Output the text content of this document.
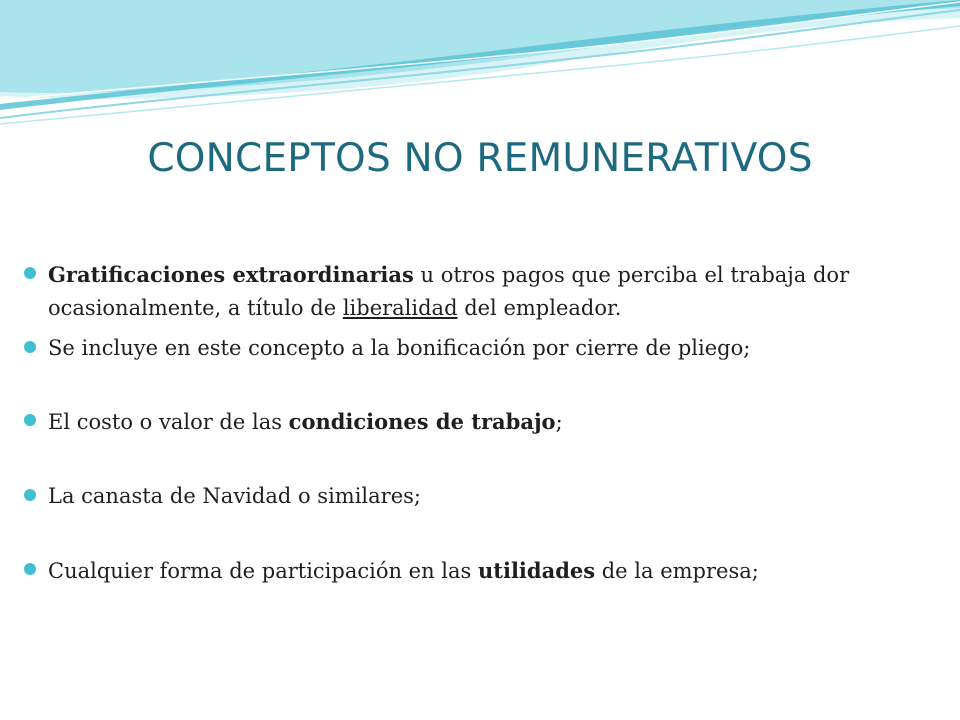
CONCEPTOS NO REMUNERATIVOS
Gratificaciones extraordinarias u otros pagos que perciba el trabaja dor ocasionalmente, a título de liberalidad del empleador.
Se incluye en este concepto a la bonificación por cierre de pliego;
El costo o valor de las condiciones de trabajo;
La canasta de Navidad o similares;
Cualquier forma de participación en las utilidades de la empresa;
